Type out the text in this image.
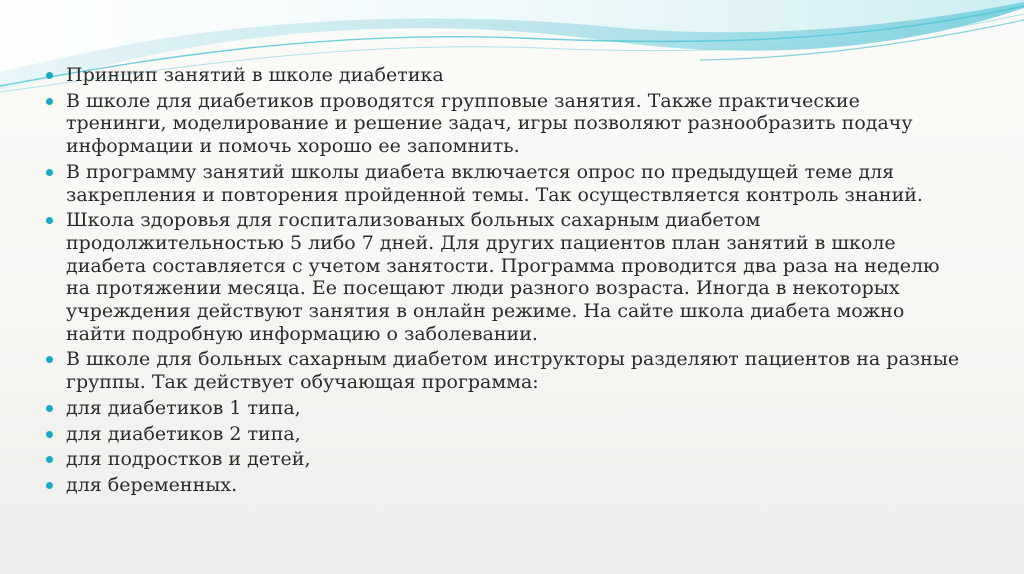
Принцип занятий в школе диабетика
В школе для диабетиков проводятся групповые занятия. Также практические тренинги, моделирование и решение задач, игры позволяют разнообразить подачу информации и помочь хорошо ее запомнить.
В программу занятий школы диабета включается опрос по предыдущей теме для закрепления и повторения пройденной темы. Так осуществляется контроль знаний.
Школа здоровья для госпитализованых больных сахарным диабетом продолжительностью 5 либо 7 дней. Для других пациентов план занятий в школе диабета составляется с учетом занятости. Программа проводится два раза на неделю на протяжении месяца. Ее посещают люди разного возраста. Иногда в некоторых учреждения действуют занятия в онлайн режиме. На сайте школа диабета можно найти подробную информацию о заболевании.
В школе для больных сахарным диабетом инструкторы разделяют пациентов на разные группы. Так действует обучающая программа:
для диабетиков 1 типа,
для диабетиков 2 типа,
для подростков и детей,
для беременных.
